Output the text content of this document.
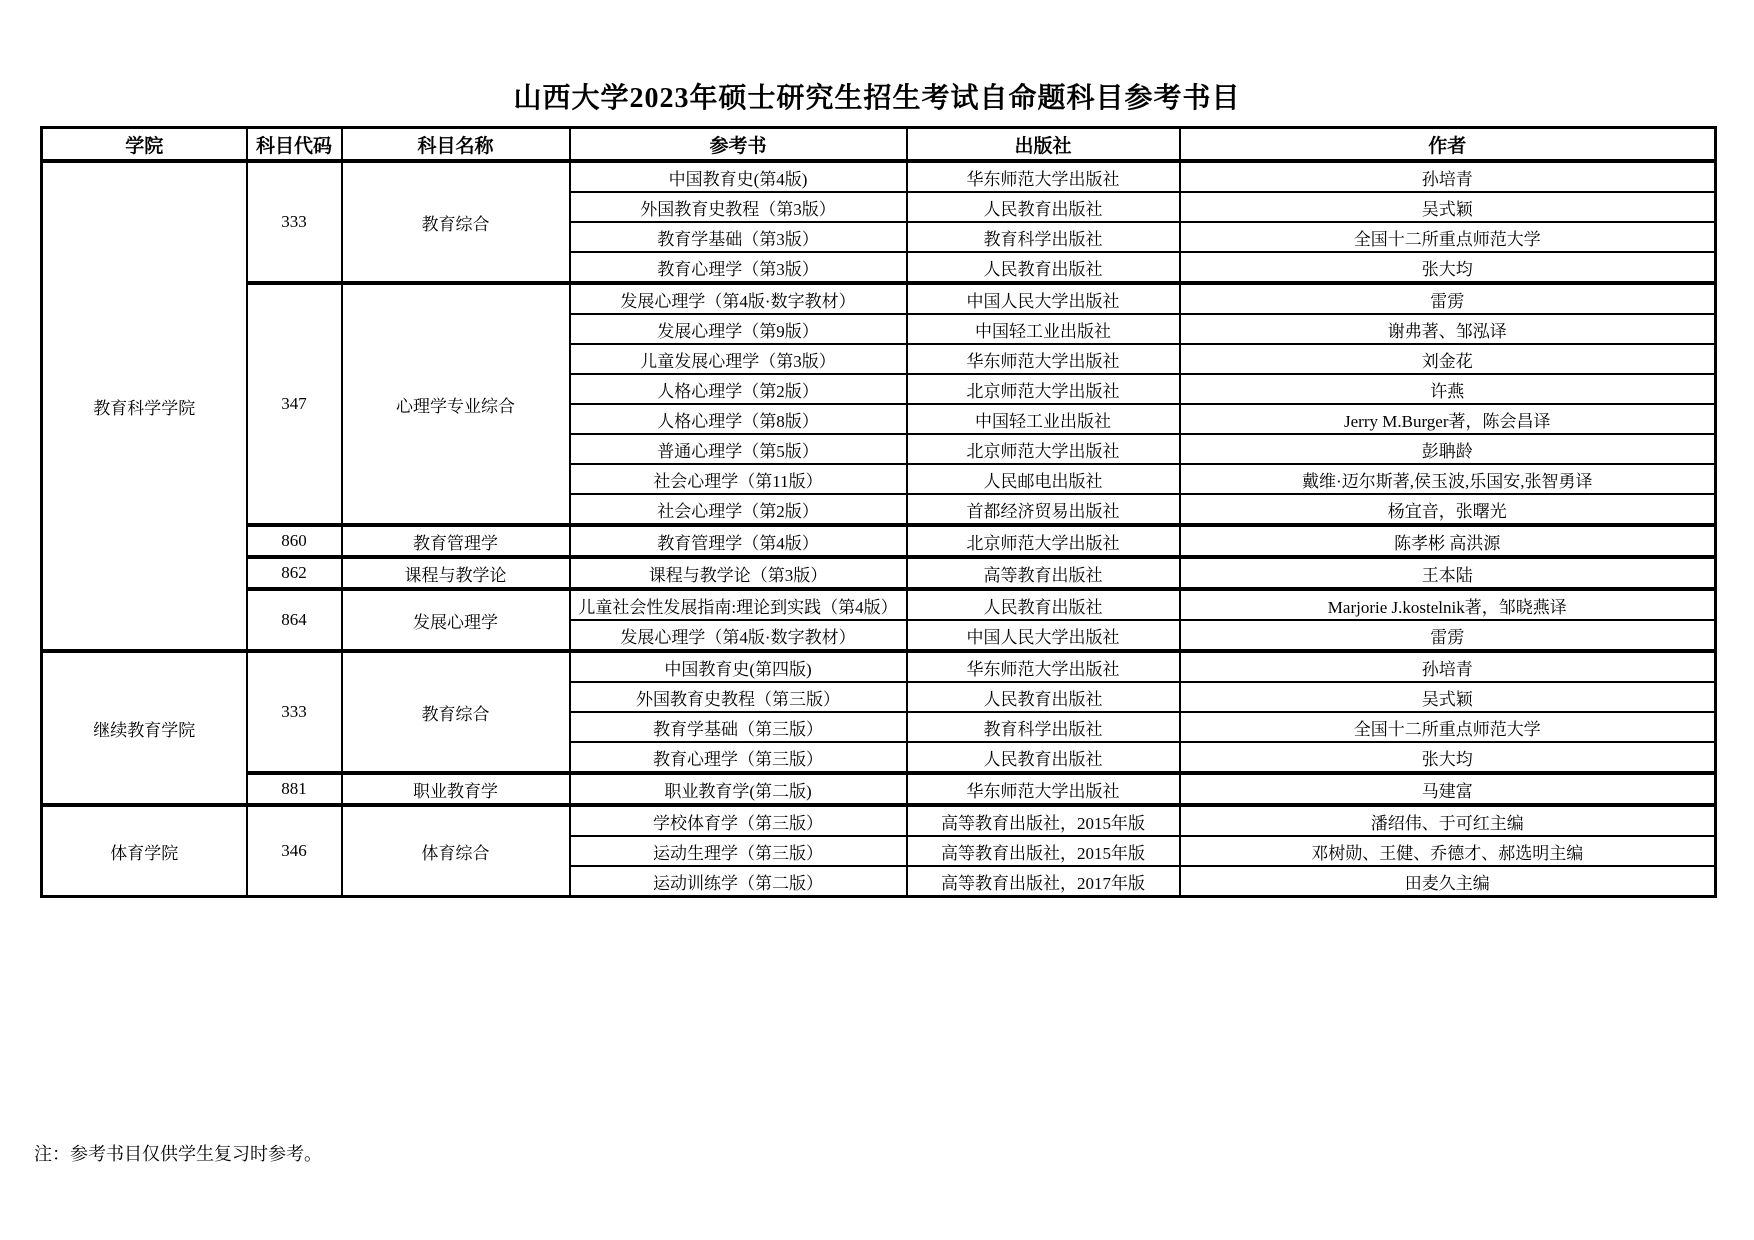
山西大学2023年硕士研究生招生考试自命题科目参考书目
学院	科目代码	科目名称	参考书	出版社	作者
教育科学学院	333	教育综合	中国教育史(第4版)	华东师范大学出版社	孙培青
			外国教育史教程（第3版）	人民教育出版社	吴式颖
			教育学基础（第3版）	教育科学出版社	全国十二所重点师范大学
			教育心理学（第3版）	人民教育出版社	张大均
	347	心理学专业综合	发展心理学（第4版·数字教材）	中国人民大学出版社	雷雳
			发展心理学（第9版）	中国轻工业出版社	谢弗著、邹泓译
			儿童发展心理学（第3版）	华东师范大学出版社	刘金花
			人格心理学（第2版）	北京师范大学出版社	许燕
			人格心理学（第8版）	中国轻工业出版社	Jerry M.Burger著，陈会昌译
			普通心理学（第5版）	北京师范大学出版社	彭聃龄
			社会心理学（第11版）	人民邮电出版社	戴维·迈尔斯著,侯玉波,乐国安,张智勇译
			社会心理学（第2版）	首都经济贸易出版社	杨宜音，张曙光
	860	教育管理学	教育管理学（第4版）	北京师范大学出版社	陈孝彬 高洪源
	862	课程与教学论	课程与教学论（第3版）	高等教育出版社	王本陆
	864	发展心理学	儿童社会性发展指南:理论到实践（第4版）	人民教育出版社	Marjorie J.kostelnik著，邹晓燕译
			发展心理学（第4版·数字教材）	中国人民大学出版社	雷雳
继续教育学院	333	教育综合	中国教育史(第四版)	华东师范大学出版社	孙培青
			外国教育史教程（第三版）	人民教育出版社	吴式颖
			教育学基础（第三版）	教育科学出版社	全国十二所重点师范大学
			教育心理学（第三版）	人民教育出版社	张大均
	881	职业教育学	职业教育学(第二版)	华东师范大学出版社	马建富
体育学院	346	体育综合	学校体育学（第三版）	高等教育出版社，2015年版	潘绍伟、于可红主编
			运动生理学（第三版）	高等教育出版社，2015年版	邓树勋、王健、乔德才、郝选明主编
			运动训练学（第二版）	高等教育出版社，2017年版	田麦久主编

注：参考书目仅供学生复习时参考。
